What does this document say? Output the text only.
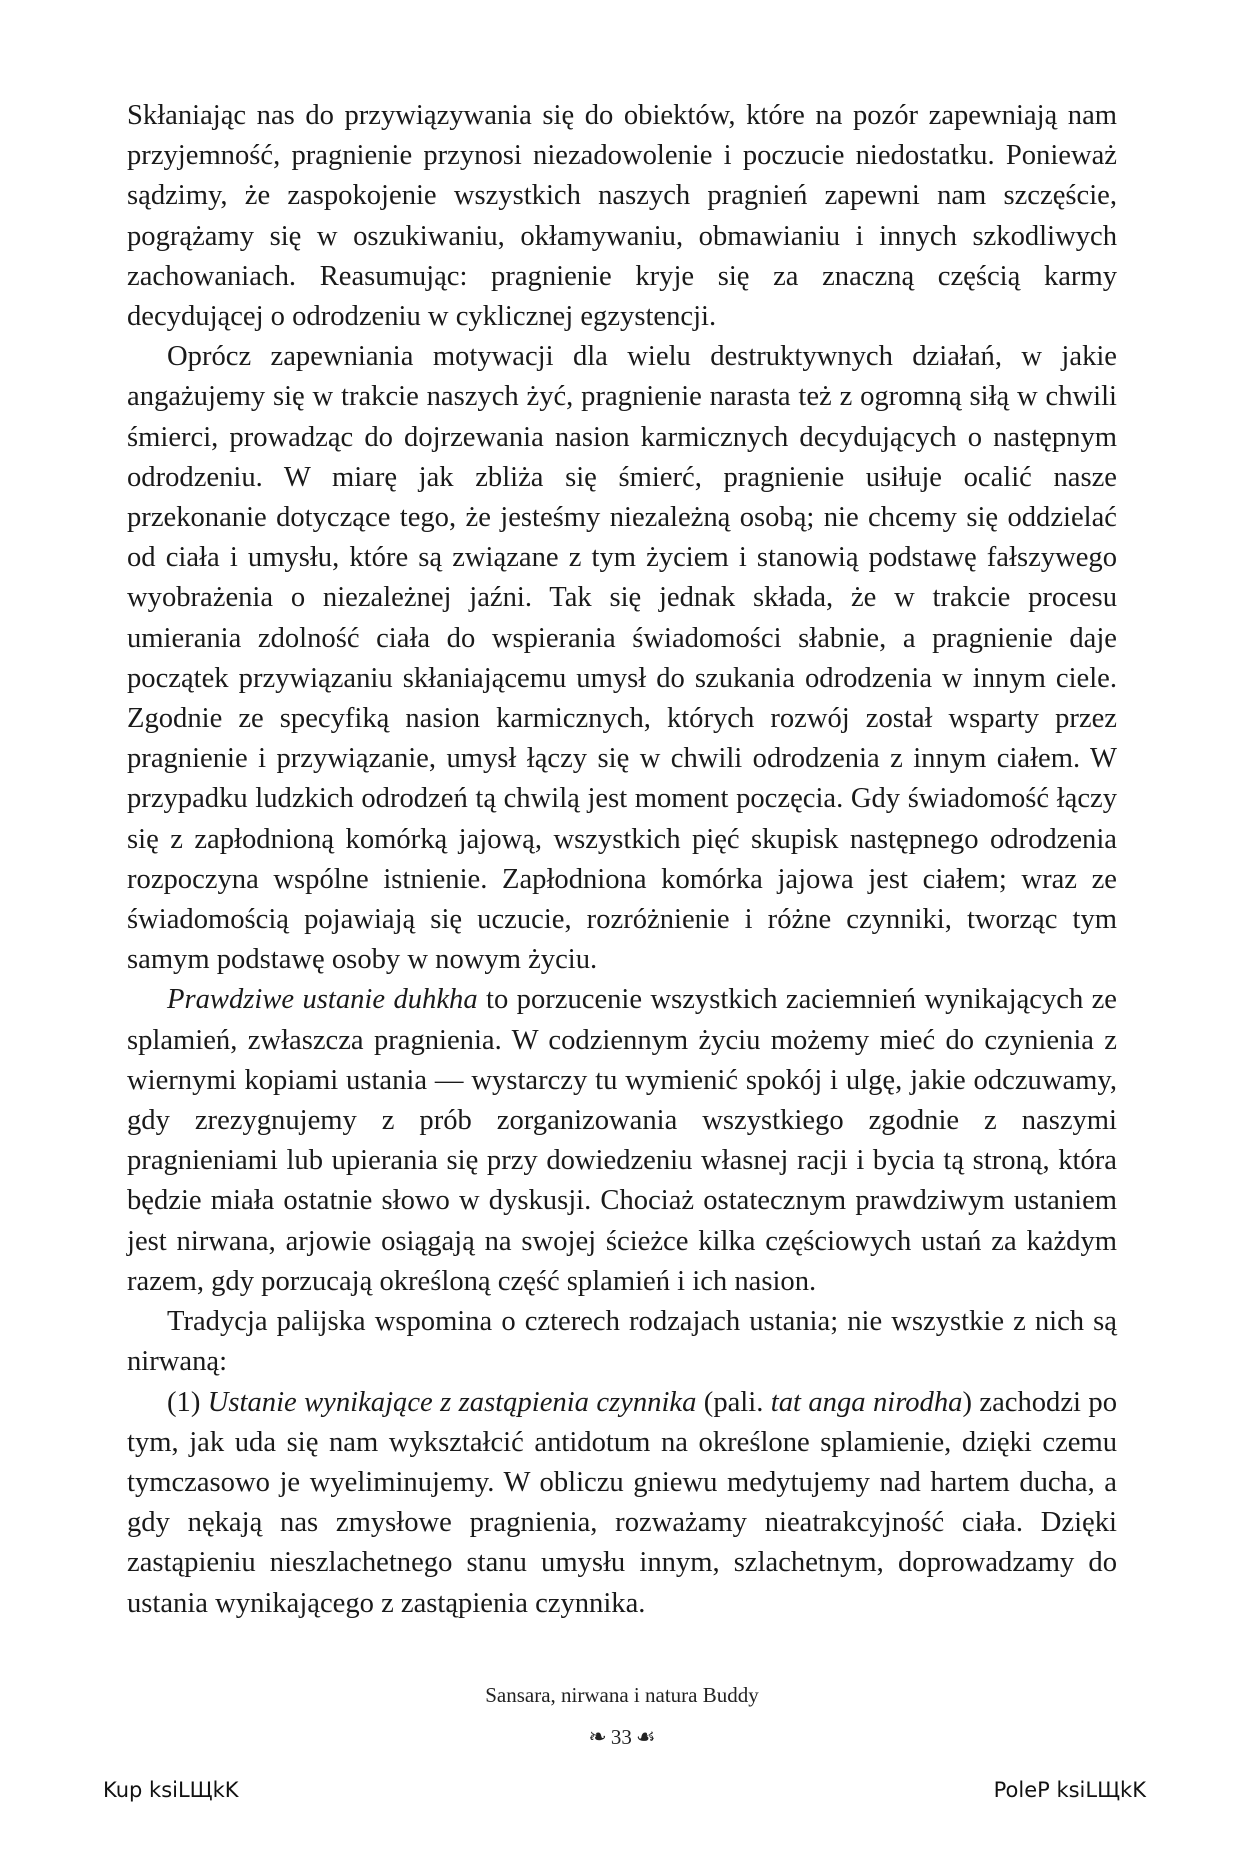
Skłaniając nas do przywiązywania się do obiektów, które na pozór zapewniają nam przyjemność, pragnienie przynosi niezadowolenie i poczucie niedostatku. Ponieważ sądzimy, że zaspokojenie wszystkich naszych pragnień zapewni nam szczęście, pogrążamy się w oszukiwaniu, okłamywaniu, obmawianiu i innych szkodliwych zachowaniach. Reasumując: pragnienie kryje się za znaczną częścią karmy decydującej o odrodzeniu w cyklicznej egzystencji.

Oprócz zapewniania motywacji dla wielu destruktywnych działań, w jakie angażujemy się w trakcie naszych żyć, pragnienie narasta też z ogromną siłą w chwili śmierci, prowadząc do dojrzewania nasion karmicznych decydujących o następnym odrodzeniu. W miarę jak zbliża się śmierć, pragnienie usiłuje ocalić nasze przekonanie dotyczące tego, że jesteśmy niezależną osobą; nie chcemy się oddzielać od ciała i umysłu, które są związane z tym życiem i stanowią podstawę fałszywego wyobrażenia o niezależnej jaźni. Tak się jednak składa, że w trakcie procesu umierania zdolność ciała do wspierania świadomości słabnie, a pragnienie daje początek przywiązaniu skłaniającemu umysł do szukania odrodzenia w innym ciele. Zgodnie ze specyfiką nasion karmicznych, których rozwój został wsparty przez pragnienie i przywiązanie, umysł łączy się w chwili odrodzenia z innym ciałem. W przypadku ludzkich odrodzeń tą chwilą jest moment poczęcia. Gdy świadomość łączy się z zapłodnioną komórką jajową, wszystkich pięć skupisk następnego odrodzenia rozpoczyna wspólne istnienie. Zapłodniona komórka jajowa jest ciałem; wraz ze świadomością pojawiają się uczucie, rozróżnienie i różne czynniki, tworząc tym samym podstawę osoby w nowym życiu.

Prawdziwe ustanie duhkha to porzucenie wszystkich zaciemnień wynikających ze splamień, zwłaszcza pragnienia. W codziennym życiu możemy mieć do czynienia z wiernymi kopiami ustania — wystarczy tu wymienić spokój i ulgę, jakie odczuwamy, gdy zrezygnujemy z prób zorganizowania wszystkiego zgodnie z naszymi pragnieniami lub upierania się przy dowiedzeniu własnej racji i bycia tą stroną, która będzie miała ostatnie słowo w dyskusji. Chociaż ostatecznym prawdziwym ustaniem jest nirwana, arjowie osiągają na swojej ścieżce kilka częściowych ustań za każdym razem, gdy porzucają określoną część splamień i ich nasion.

Tradycja palijska wspomina o czterech rodzajach ustania; nie wszystkie z nich są nirwaną:

(1) Ustanie wynikające z zastąpienia czynnika (pali. tat anga nirodha) zachodzi po tym, jak uda się nam wykształcić antidotum na określone splamienie, dzięki czemu tymczasowo je wyeliminujemy. W obliczu gniewu medytujemy nad hartem ducha, a gdy nękają nas zmysłowe pragnienia, rozważamy nieatrakcyjność ciała. Dzięki zastąpieniu nieszlachetnego stanu umysłu innym, szlachetnym, doprowadzamy do ustania wynikającego z zastąpienia czynnika.

Sansara, nirwana i natura Buddy
❧ 33 ☙
Kup ksiLЩkK	PoleP ksiLЩkK
